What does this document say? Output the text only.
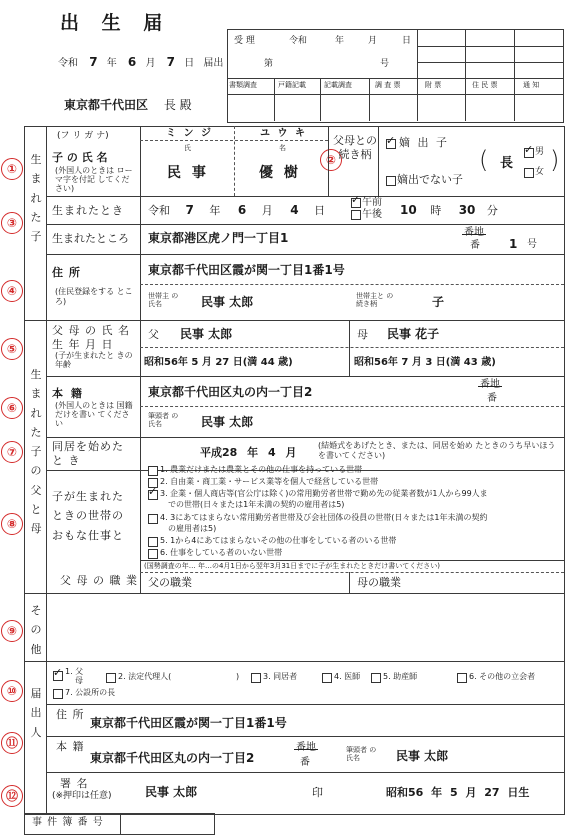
出 生 届
令和 7 年 6 月 7 日 届出
東京都千代田区 長 殿
受 理	令和	年	月	日
第	号
書類調査	戸籍記載	記載調査	調 査 票	附 票	住 民 票	通 知
生まれた子
生まれた子の父と母
その他
届出人
①
②
③
④
⑤
⑥
⑦
⑧
⑨
⑩
⑪
⑫
(フ リ ガ ナ)
子 の 氏 名
(外国人のときは ローマ字を付記 してください)
ミ ン ジ	ユ ウ キ
氏	名
民 事	優 樹
父母との 続き柄
✓ 嫡 出 子
嫡出でない子
( 長
✓ 男
女 )
生まれたとき 令和 7 年 6 月 4 日
✓ 午前
午後 10 時 30 分
生まれたところ 東京都港区虎ノ門一丁目1	番地
番 1 号
住 所
(住民登録をする ところ)
東京都千代田区霞が関一丁目1番1号
世帯主 の氏名	民事 太郎	世帯主と の続き柄	子
父 母 の 氏 名 生 年 月 日
(子が生まれたと きの年齢
父 民事 太郎	母 民事 花子
昭和56年 5 月 27 日(満 44 歳)	昭和56年 7 月 3 日(満 43 歳)
本 籍
(外国人のときは 国籍だけを書い てください
東京都千代田区丸の内一丁目2
番地
番
筆頭者 の氏名	民事 太郎
同居を始めた と き
平成28 年 4 月
(結婚式をあげたとき、または、同居を始め たときのうち早いほうを書いてください)
子が生まれた ときの世帯の おもな仕事と
1. 農業だけまたは農業とその他の仕事を持っている世帯
2. 自由業・商工業・サービス業等を個人で経営している世帯
✓ 3. 企業・個人商店等(官公庁は除く)の常用勤労者世帯で勤め先の従業者数が1人から99人ま
での世帯(日々または1年未満の契約の雇用者は5)
4. 3にあてはまらない常用勤労者世帯及び会社団体の役員の世帯(日々または1年未満の契約
の雇用者は5)
5. 1から4にあてはまらないその他の仕事をしている者のいる世帯
6. 仕事をしている者のいない世帯
(国勢調査の年… 年…の4月1日から翌年3月31日までに子が生まれたときだけ書いてください)
父 母 の 職 業 父の職業	母の職業
✓ 1. 父
母	2. 法定代理人(	)	3. 同居者	4. 医師	5. 助産師	6. その他の立会者
7. 公設所の長
住 所
東京都千代田区霞が関一丁目1番1号
本 籍
東京都千代田区丸の内一丁目2
番地
番
筆頭者 の氏名	民事 太郎
署 名
(※押印は任意)	民事 太郎	印	昭和56 年 5 月 27 日生
事 件 簿 番 号
